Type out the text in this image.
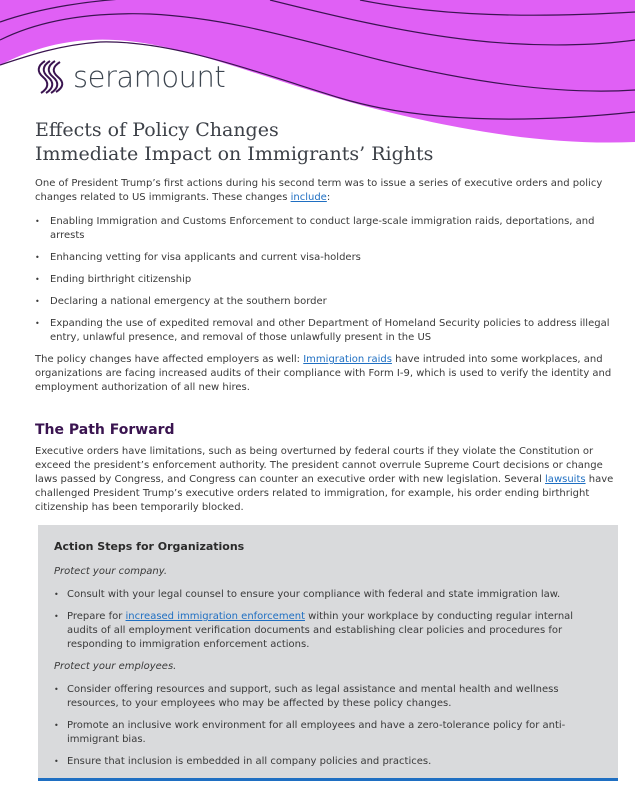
seramount
Effects of Policy Changes
Immediate Impact on Immigrants’ Rights

One of President Trump’s first actions during his second term was to issue a series of executive orders and policy changes related to US immigrants. These changes include:

• Enabling Immigration and Customs Enforcement to conduct large-scale immigration raids, deportations, and arrests
• Enhancing vetting for visa applicants and current visa-holders
• Ending birthright citizenship
• Declaring a national emergency at the southern border
• Expanding the use of expedited removal and other Department of Homeland Security policies to address illegal entry, unlawful presence, and removal of those unlawfully present in the US

The policy changes have affected employers as well: Immigration raids have intruded into some workplaces, and organizations are facing increased audits of their compliance with Form I-9, which is used to verify the identity and employment authorization of all new hires.

The Path Forward

Executive orders have limitations, such as being overturned by federal courts if they violate the Constitution or exceed the president’s enforcement authority. The president cannot overrule Supreme Court decisions or change laws passed by Congress, and Congress can counter an executive order with new legislation. Several lawsuits have challenged President Trump’s executive orders related to immigration, for example, his order ending birthright citizenship has been temporarily blocked.

Action Steps for Organizations

Protect your company.

• Consult with your legal counsel to ensure your compliance with federal and state immigration law.
• Prepare for increased immigration enforcement within your workplace by conducting regular internal audits of all employment verification documents and establishing clear policies and procedures for responding to immigration enforcement actions.

Protect your employees.

• Consider offering resources and support, such as legal assistance and mental health and wellness resources, to your employees who may be affected by these policy changes.
• Promote an inclusive work environment for all employees and have a zero-tolerance policy for anti-immigrant bias.
• Ensure that inclusion is embedded in all company policies and practices.
